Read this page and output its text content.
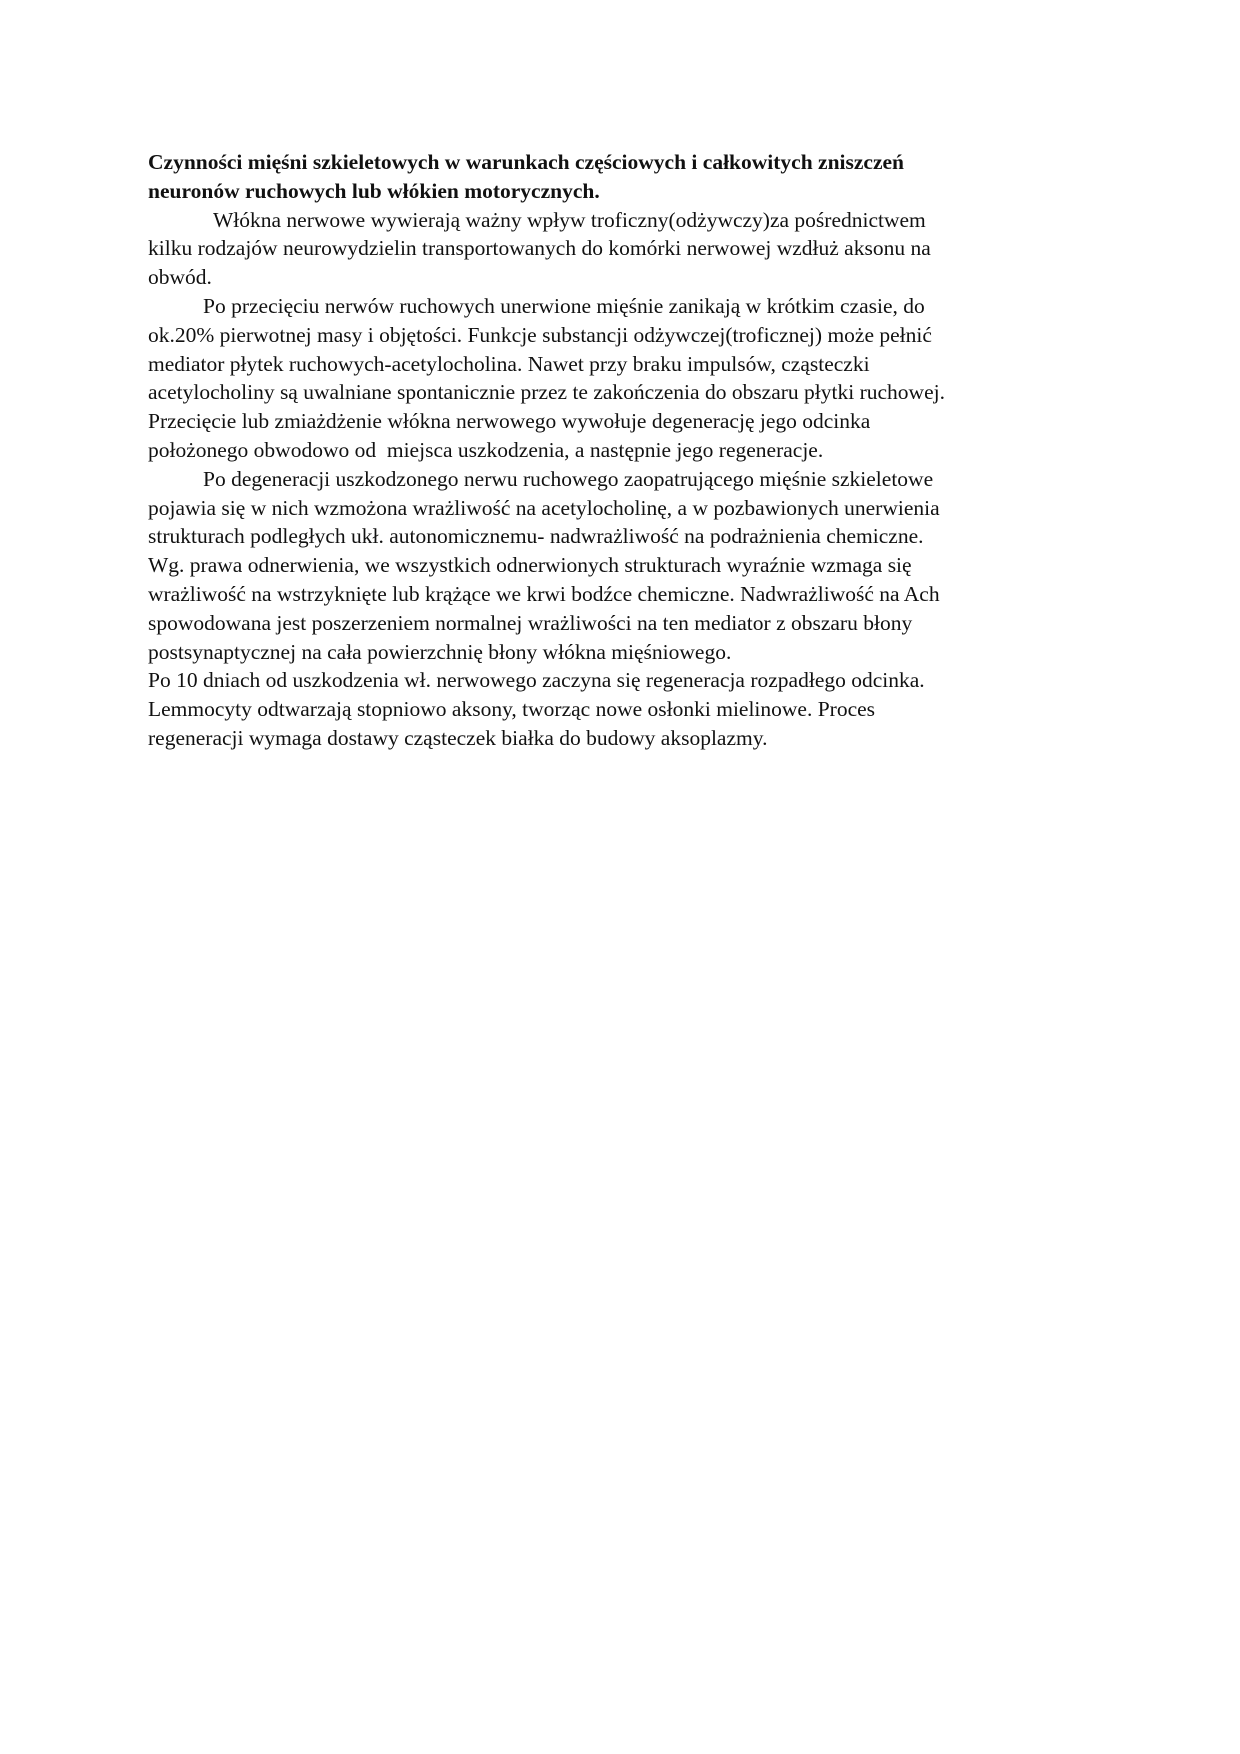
Czynności mięśni szkieletowych w warunkach częściowych i całkowitych zniszczeń
neuronów ruchowych lub włókien motorycznych.
Włókna nerwowe wywierają ważny wpływ troficzny(odżywczy)za pośrednictwem
kilku rodzajów neurowydzielin transportowanych do komórki nerwowej wzdłuż aksonu na
obwód.
Po przecięciu nerwów ruchowych unerwione mięśnie zanikają w krótkim czasie, do
ok.20% pierwotnej masy i objętości. Funkcje substancji odżywczej(troficznej) może pełnić
mediator płytek ruchowych-acetylocholina. Nawet przy braku impulsów, cząsteczki
acetylocholiny są uwalniane spontanicznie przez te zakończenia do obszaru płytki ruchowej.
Przecięcie lub zmiażdżenie włókna nerwowego wywołuje degenerację jego odcinka
położonego obwodowo od  miejsca uszkodzenia, a następnie jego regeneracje.
Po degeneracji uszkodzonego nerwu ruchowego zaopatrującego mięśnie szkieletowe
pojawia się w nich wzmożona wrażliwość na acetylocholinę, a w pozbawionych unerwienia
strukturach podległych ukł. autonomicznemu- nadwrażliwość na podrażnienia chemiczne.
Wg. prawa odnerwienia, we wszystkich odnerwionych strukturach wyraźnie wzmaga się
wrażliwość na wstrzyknięte lub krążące we krwi bodźce chemiczne. Nadwrażliwość na Ach
spowodowana jest poszerzeniem normalnej wrażliwości na ten mediator z obszaru błony
postsynaptycznej na cała powierzchnię błony włókna mięśniowego.
Po 10 dniach od uszkodzenia wł. nerwowego zaczyna się regeneracja rozpadłego odcinka.
Lemmocyty odtwarzają stopniowo aksony, tworząc nowe osłonki mielinowe. Proces
regeneracji wymaga dostawy cząsteczek białka do budowy aksoplazmy.
